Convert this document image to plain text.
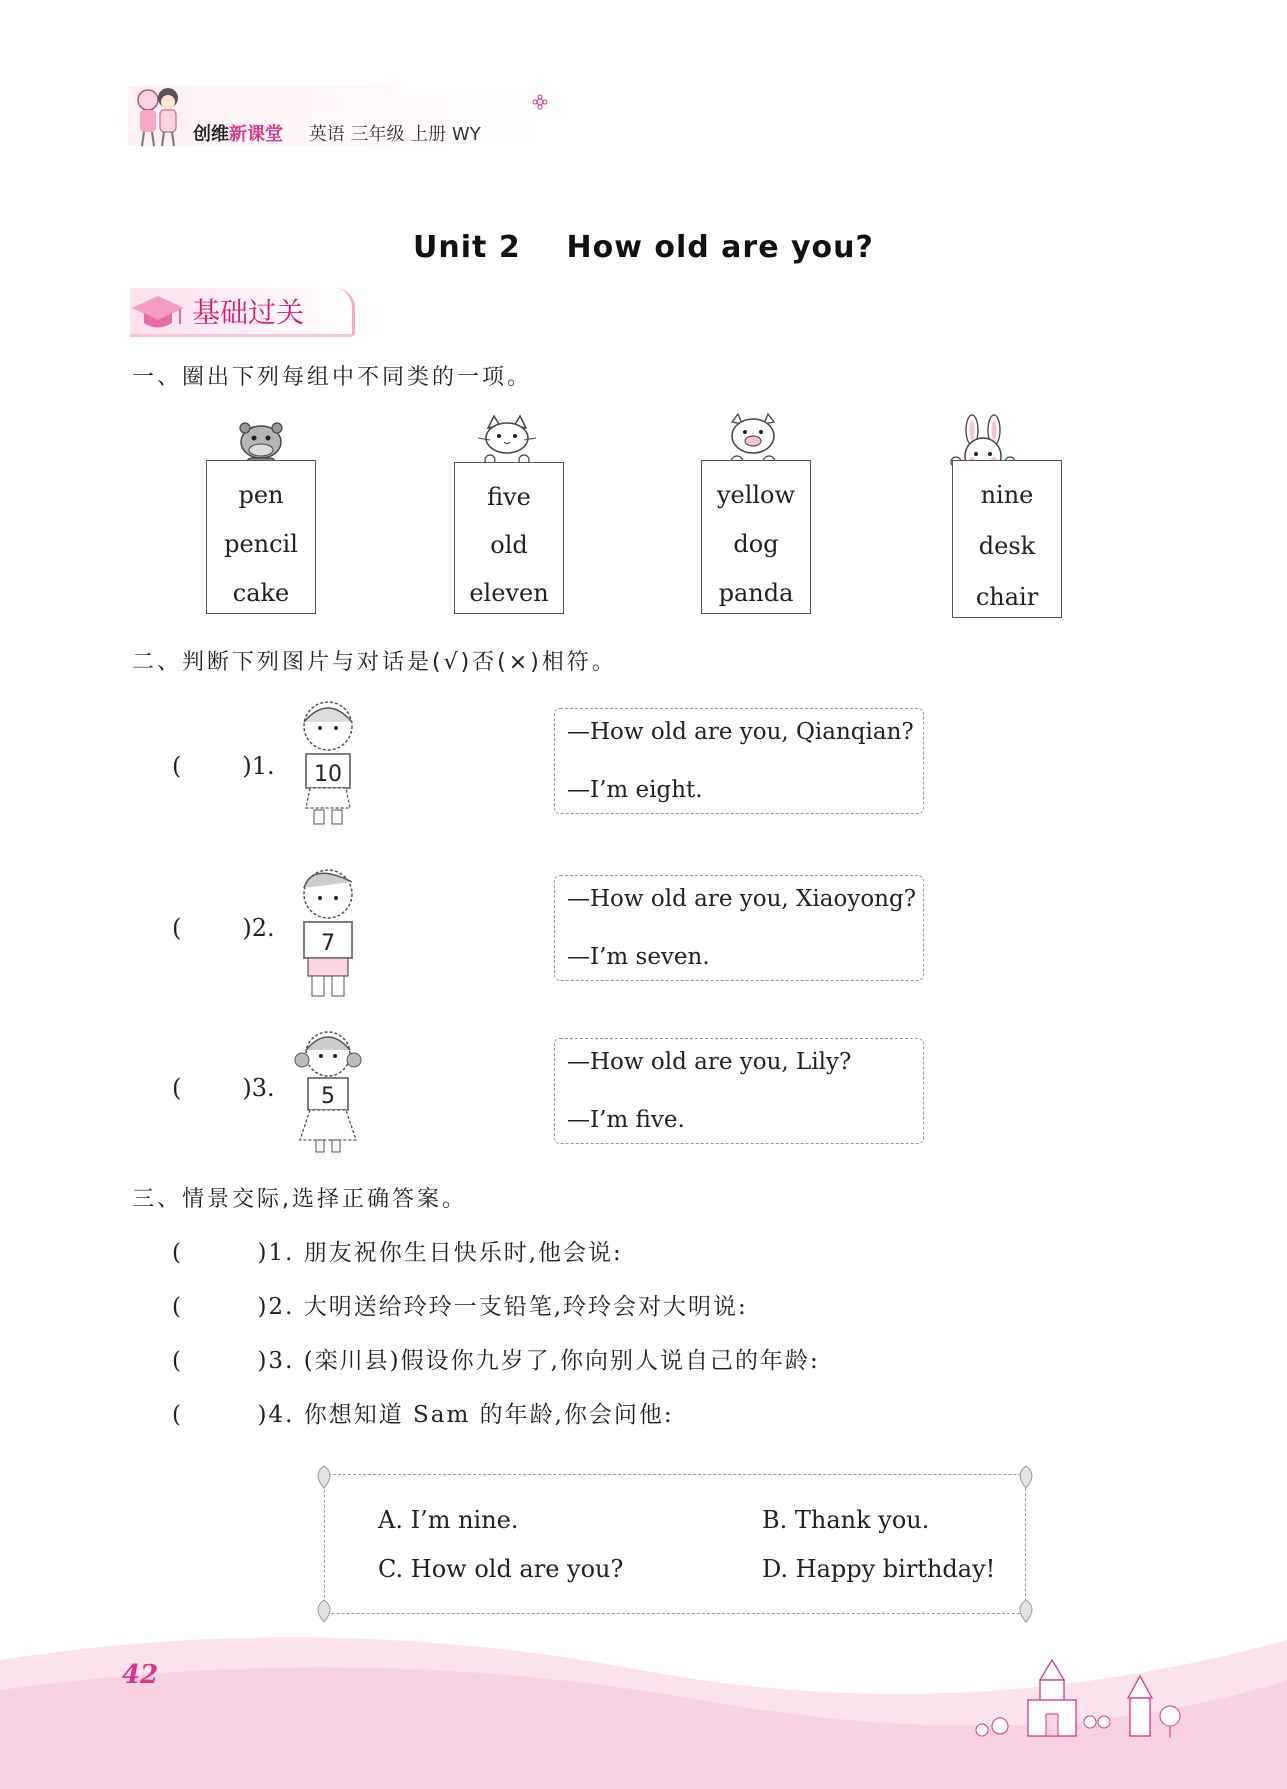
创维新课堂 英语 三年级 上册 WY
Unit 2    How old are you?
基础过关
一、圈出下列每组中不同类的一项。
pen
pencil
cake
five
old
eleven
yellow
dog
panda
nine
desk
chair
二、判断下列图片与对话是(√)否(×)相符。
(        )1. 10
—How old are you, Qianqian?
—I’m eight.
(        )2.
7
—How old are you, Xiaoyong?
—I’m seven.
(        )3. 5
—How old are you, Lily?
—I’m five.
三、情景交际,选择正确答案。
(        )1. 朋友祝你生日快乐时,他会说:
(        )2. 大明送给玲玲一支铅笔,玲玲会对大明说:
(        )3. (栾川县)假设你九岁了,你向别人说自己的年龄:
(        )4. 你想知道 Sam 的年龄,你会问他:
A. I’m nine.	B. Thank you.
C. How old are you?	D. Happy birthday!
42
